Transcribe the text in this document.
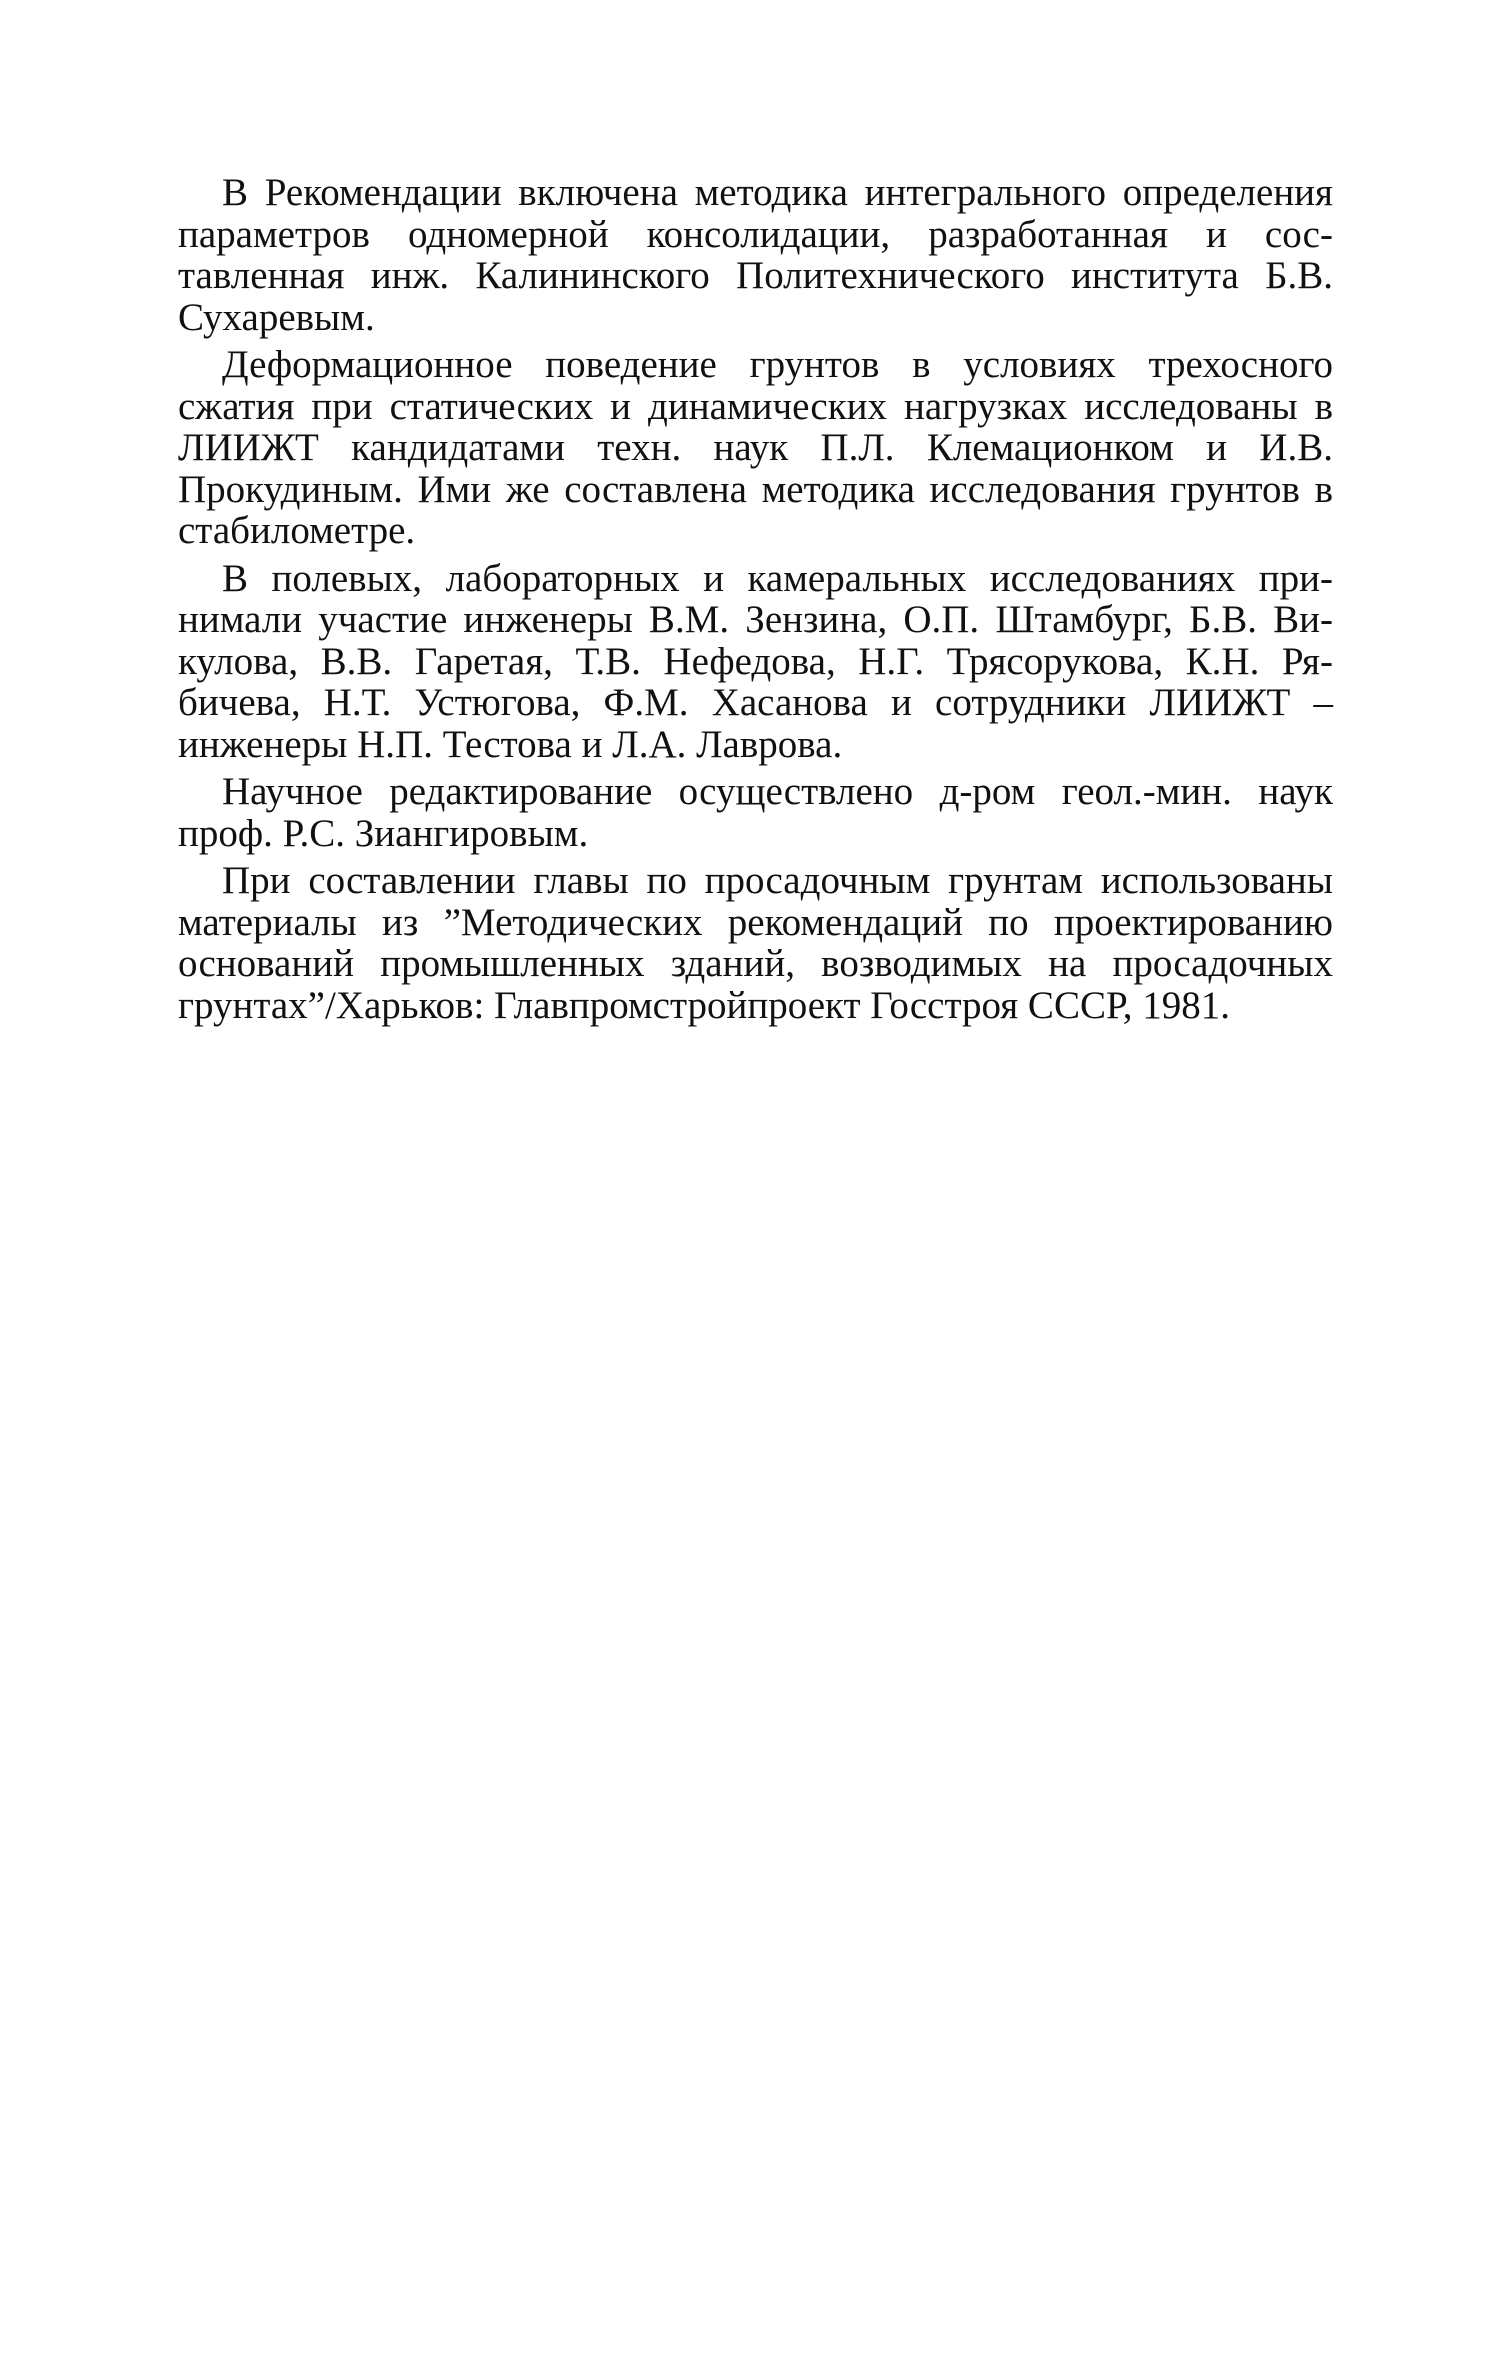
В Рекомендации включена методика интегрального определения параметров одномерной консолидации, разработанная и составленная инж. Калининского Политехнического института Б.В. Сухаревым.

Деформационное поведение грунтов в условиях трехосного сжатия при статических и динамических нагрузках исследованы в ЛИИЖТ кандидатами техн. наук П.Л. Клемационком и И.В. Прокудиным. Ими же составлена методика исследования грунтов в стабилометре.

В полевых, лабораторных и камеральных исследованиях принимали участие инженеры В.М. Зензина, О.П. Штамбург, Б.В. Викулова, В.В. Гаретая, Т.В. Нефедова, Н.Г. Трясорукова, К.Н. Рябичева, Н.Т. Устюгова, Ф.М. Хасанова и сотрудники ЛИИЖТ – инженеры Н.П. Тестова и Л.А. Лаврова.

Научное редактирование осуществлено д-ром геол.-мин. наук проф. Р.С. Зиангировым.

При составлении главы по просадочным грунтам использованы материалы из ”Методических рекомендаций по проектированию оснований промышленных зданий, возводимых на просадочных грунтах”/Харьков: Главпромстройпроект Госстроя СССР, 1981.
